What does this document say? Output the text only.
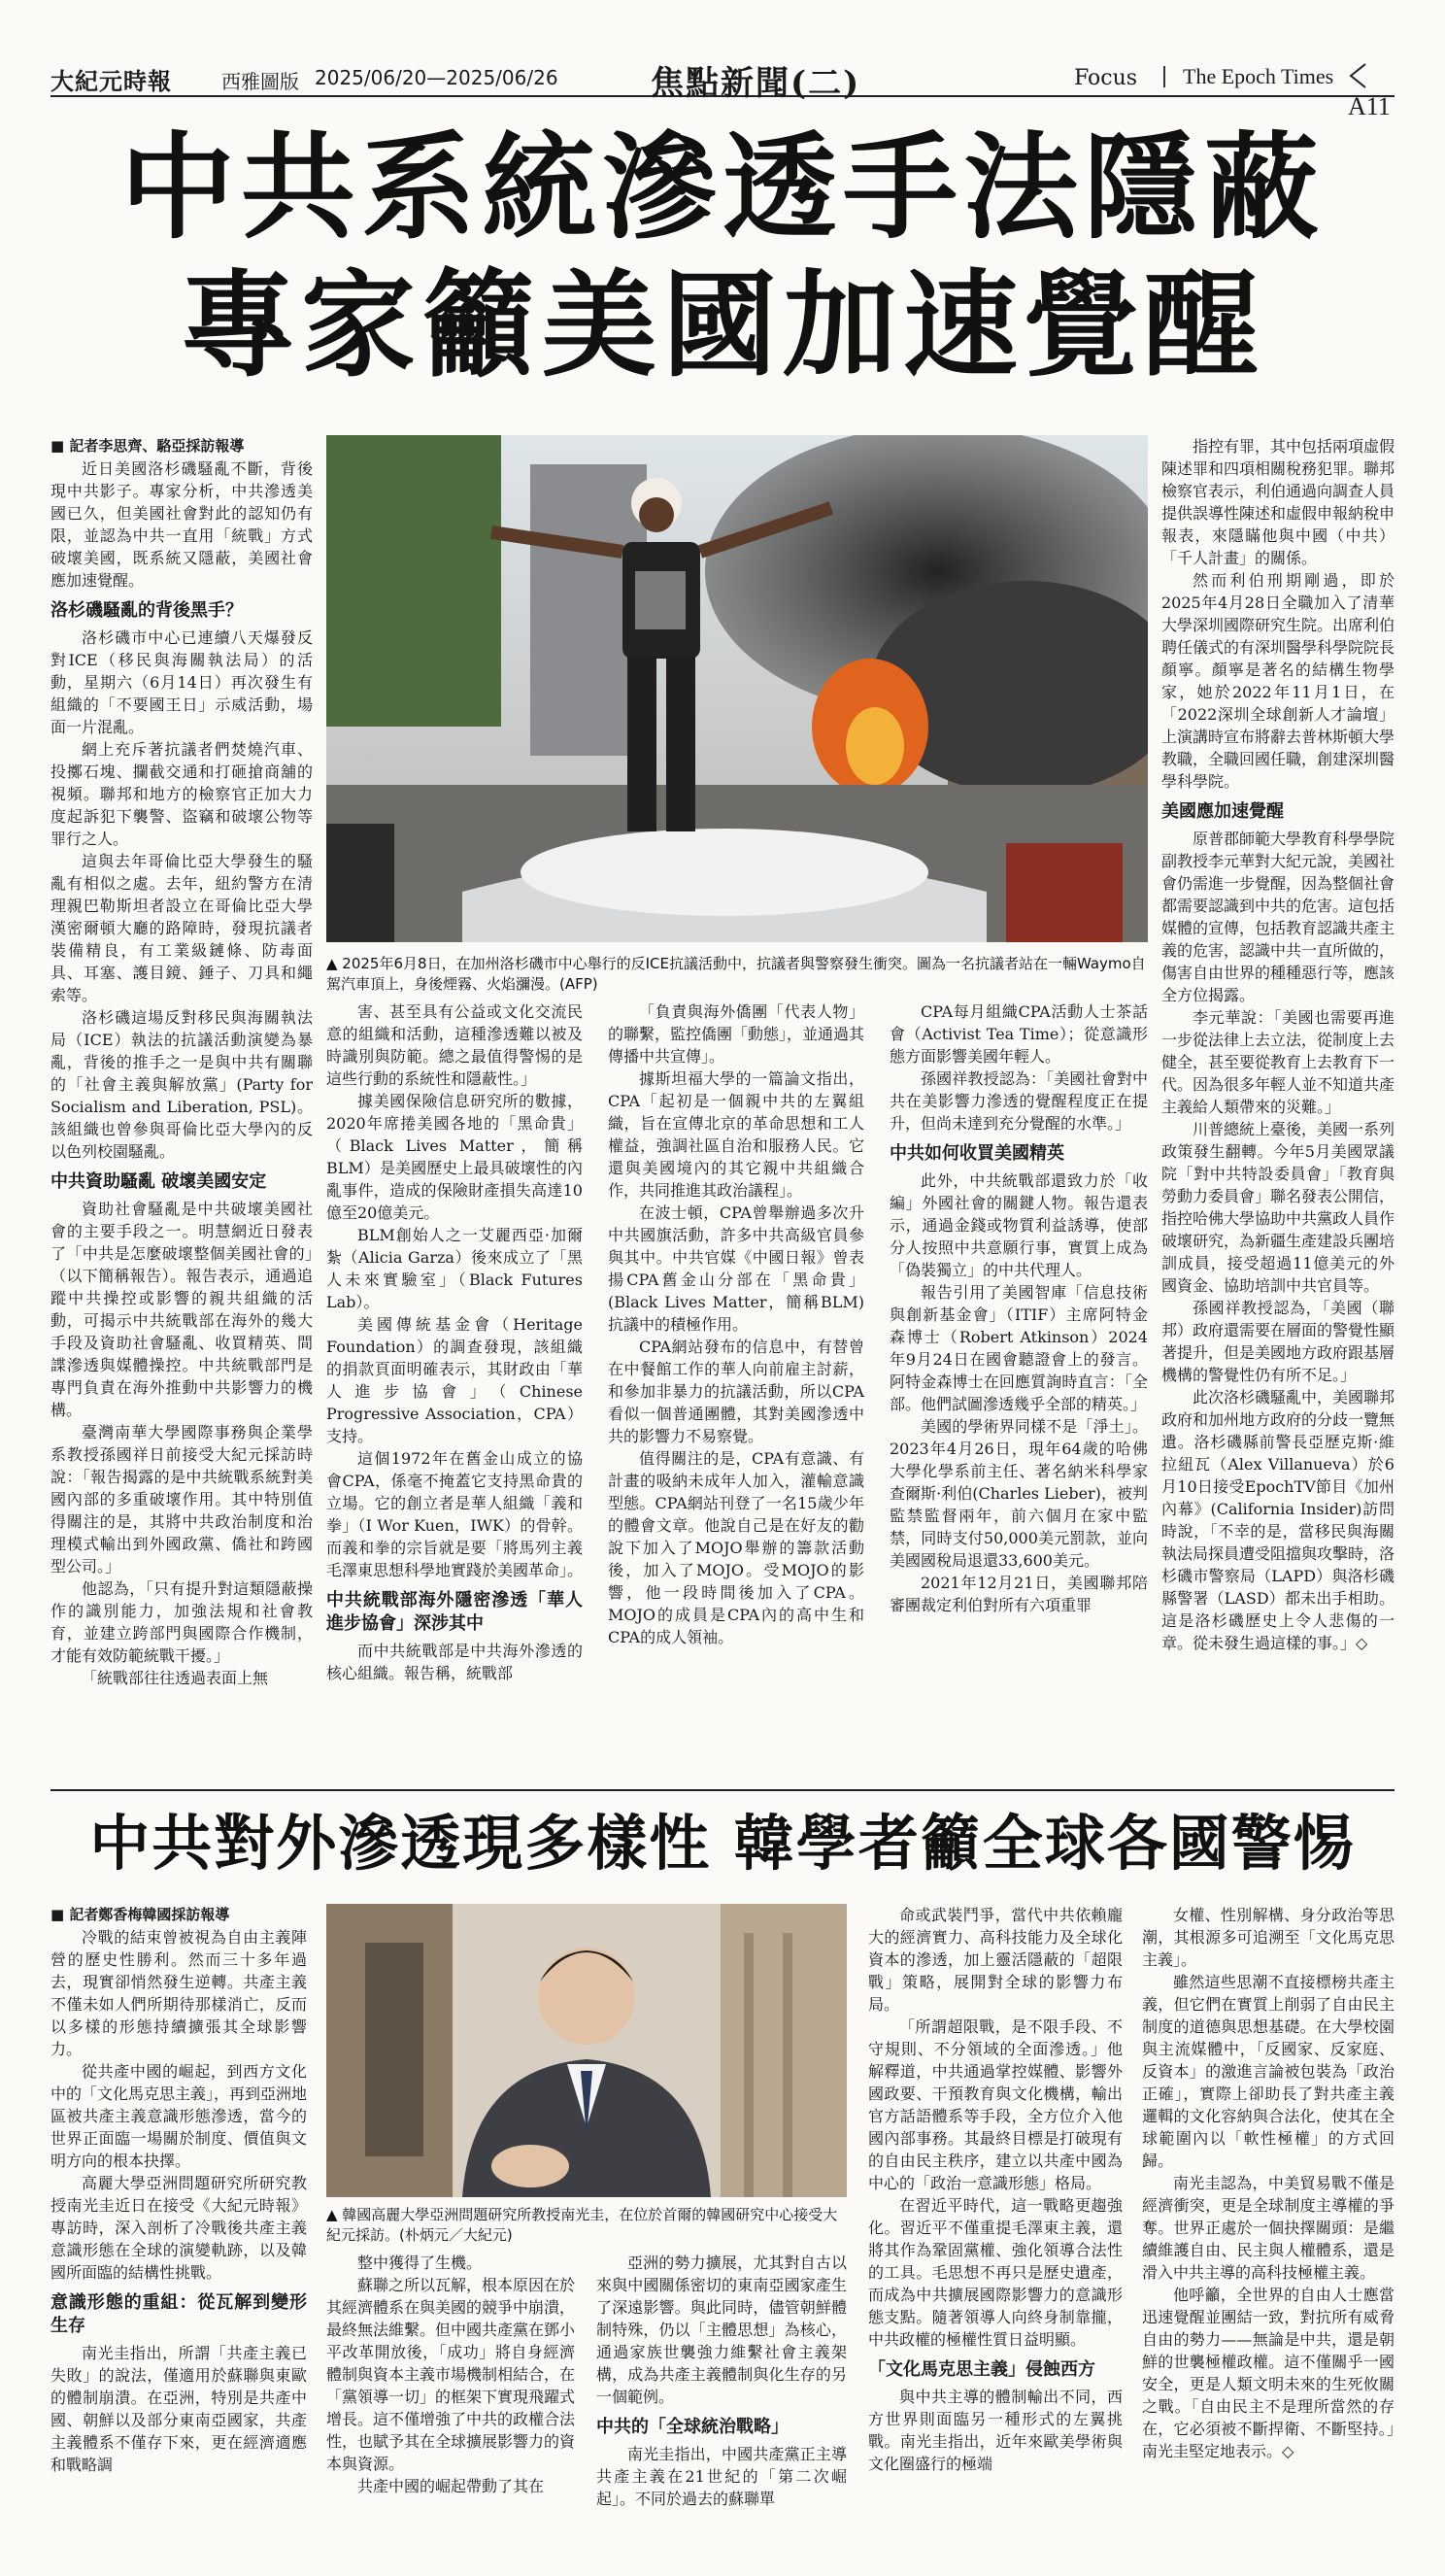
大紀元時報	西雅圖版 2025/06/20—2025/06/26	焦點新聞(二)	Focus The Epoch Times
A11
中共系統滲透手法隱蔽
專家籲美國加速覺醒
▲ 2025年6月8日，在加州洛杉磯市中心舉行的反ICE抗議活動中，抗議者與警察發生衝突。圖為一名抗議者站在一輛Waymo自駕汽車頂上，身後煙霧、火焰瀰漫。(AFP)

■ 記者李思齊、駱亞採訪報導

近日美國洛杉磯騷亂不斷，背後現中共影子。專家分析，中共滲透美國已久，但美國社會對此的認知仍有限，並認為中共一直用「統戰」方式破壞美國，既系統又隱蔽，美國社會應加速覺醒。

洛杉磯騷亂的背後黑手？

洛杉磯市中心已連續八天爆發反對ICE（移民與海關執法局）的活動，星期六（6月14日）再次發生有組織的「不要國王日」示威活動，場面一片混亂。

網上充斥著抗議者們焚燒汽車、投擲石塊、攔截交通和打砸搶商舖的視頻。聯邦和地方的檢察官正加大力度起訴犯下襲警、盜竊和破壞公物等罪行之人。

這與去年哥倫比亞大學發生的騷亂有相似之處。去年，紐約警方在清理親巴勒斯坦者設立在哥倫比亞大學漢密爾頓大廳的路障時，發現抗議者裝備精良，有工業級鏈條、防毒面具、耳塞、護目鏡、錘子、刀具和繩索等。

洛杉磯這場反對移民與海關執法局（ICE）執法的抗議活動演變為暴亂，背後的推手之一是與中共有關聯的「社會主義與解放黨」(Party for Socialism and Liberation, PSL)。該組織也曾參與哥倫比亞大學內的反以色列校園騷亂。

中共資助騷亂 破壞美國安定

資助社會騷亂是中共破壞美國社會的主要手段之一。明慧網近日發表了「中共是怎麼破壞整個美國社會的」（以下簡稱報告）。報告表示，通過追蹤中共操控或影響的親共組織的活動，可揭示中共統戰部在海外的幾大手段及資助社會騷亂、收買精英、間諜滲透與媒體操控。中共統戰部門是專門負責在海外推動中共影響力的機構。

臺灣南華大學國際事務與企業學系教授孫國祥日前接受大紀元採訪時說：「報告揭露的是中共統戰系統對美國內部的多重破壞作用。其中特別值得關注的是，其將中共政治制度和治理模式輸出到外國政黨、僑社和跨國型公司。」

他認為，「只有提升對這類隱蔽操作的識別能力，加強法規和社會教育，並建立跨部門與國際合作機制，才能有效防範統戰干擾。」

「統戰部往往透過表面上無

害、甚至具有公益或文化交流民意的組織和活動，這種滲透難以被及時識別與防範。總之最值得警惕的是這些行動的系統性和隱蔽性。」

據美國保險信息研究所的數據，2020年席捲美國各地的「黑命貴」（Black Lives Matter，簡稱BLM）是美國歷史上最具破壞性的內亂事件，造成的保險財產損失高達10億至20億美元。

BLM創始人之一艾麗西亞·加爾紮（Alicia Garza）後來成立了「黑人未來實驗室」（Black Futures Lab）。

美國傳統基金會（Heritage Foundation）的調查發現，該組織的捐款頁面明確表示，其財政由「華人進步協會」（Chinese Progressive Association，CPA）支持。

這個1972年在舊金山成立的協會CPA，係毫不掩蓋它支持黑命貴的立場。它的創立者是華人組織「義和拳」（I Wor Kuen，IWK）的骨幹。而義和拳的宗旨就是要「將馬列主義毛澤東思想科學地實踐於美國革命」。

中共統戰部海外隱密滲透「華人進步協會」深涉其中

而中共統戰部是中共海外滲透的核心組織。報告稱，統戰部

「負責與海外僑團「代表人物」的聯繫，監控僑團「動態」，並通過其傳播中共宣傳」。

據斯坦福大學的一篇論文指出，CPA「起初是一個親中共的左翼組織，旨在宣傳北京的革命思想和工人權益，強調社區自治和服務人民。它還與美國境內的其它親中共組織合作，共同推進其政治議程」。

在波士頓，CPA曾舉辦過多次升中共國旗活動，許多中共高級官員參與其中。中共官媒《中國日報》曾表揚CPA舊金山分部在「黑命貴」(Black Lives Matter，簡稱BLM)抗議中的積極作用。

CPA網站發布的信息中，有替曾在中餐館工作的華人向前雇主討薪，和參加非暴力的抗議活動，所以CPA看似一個普通團體，其對美國滲透中共的影響力不易察覺。

值得關注的是，CPA有意識、有計畫的吸納未成年人加入，灌輸意識型態。CPA網站刊登了一名15歲少年的體會文章。他說自己是在好友的勸說下加入了MOJO舉辦的籌款活動後，加入了MOJO。受MOJO的影響，他一段時間後加入了CPA。MOJO的成員是CPA內的高中生和CPA的成人領袖。

CPA每月組織CPA活動人士茶話會（Activist Tea Time）；從意識形態方面影響美國年輕人。

孫國祥教授認為：「美國社會對中共在美影響力滲透的覺醒程度正在提升，但尚未達到充分覺醒的水準。」

中共如何收買美國精英

此外，中共統戰部還致力於「收編」外國社會的關鍵人物。報告還表示，通過金錢或物質利益誘導，使部分人按照中共意願行事，實質上成為「偽裝獨立」的中共代理人。

報告引用了美國智庫「信息技術與創新基金會」（ITIF）主席阿特金森博士（Robert Atkinson）2024年9月24日在國會聽證會上的發言。阿特金森博士在回應質詢時直言：「全部。他們試圖滲透幾乎全部的精英。」

美國的學術界同樣不是「淨土」。2023年4月26日，現年64歲的哈佛大學化學系前主任、著名納米科學家查爾斯·利伯(Charles Lieber)，被判監禁監督兩年，前六個月在家中監禁，同時支付50,000美元罰款，並向美國國稅局退還33,600美元。

2021年12月21日，美國聯邦陪審團裁定利伯對所有六項重罪

指控有罪，其中包括兩項虛假陳述罪和四項相關稅務犯罪。聯邦檢察官表示，利伯通過向調查人員提供誤導性陳述和虛假申報納稅申報表，來隱瞞他與中國（中共）「千人計畫」的關係。

然而利伯刑期剛過，即於2025年4月28日全職加入了清華大學深圳國際研究生院。出席利伯聘任儀式的有深圳醫學科學院院長顏寧。顏寧是著名的結構生物學家，她於2022年11月1日，在「2022深圳全球創新人才論壇」上演講時宣布將辭去普林斯頓大學教職，全職回國任職，創建深圳醫學科學院。

美國應加速覺醒

原普郡師範大學教育科學學院副教授李元華對大紀元說，美國社會仍需進一步覺醒，因為整個社會都需要認識到中共的危害。這包括媒體的宣傳，包括教育認識共產主義的危害，認識中共一直所做的，傷害自由世界的種種惡行等，應該全方位揭露。

李元華說：「美國也需要再進一步從法律上去立法，從制度上去健全，甚至要從教育上去教育下一代。因為很多年輕人並不知道共產主義給人類帶來的災難。」

川普總統上臺後，美國一系列政策發生翻轉。今年5月美國眾議院「對中共特設委員會」「教育與勞動力委員會」聯名發表公開信，指控哈佛大學協助中共黨政人員作破壞研究，為新疆生產建設兵團培訓成員，接受超過11億美元的外國資金、協助培訓中共官員等。

孫國祥教授認為，「美國（聯邦）政府還需要在層面的警覺性顯著提升，但是美國地方政府跟基層機構的警覺性仍有所不足。」

此次洛杉磯騷亂中，美國聯邦政府和加州地方政府的分歧一覽無遺。洛杉磯縣前警長亞歷克斯·維拉紐瓦（Alex Villanueva）於6月10日接受EpochTV節目《加州內幕》(California Insider)訪問時說，「不幸的是，當移民與海關執法局探員遭受阻擋與攻擊時，洛杉磯市警察局（LAPD）與洛杉磯縣警署（LASD）都未出手相助。這是洛杉磯歷史上令人悲傷的一章。從未發生過這樣的事。」◇

中共對外滲透現多樣性 韓學者籲全球各國警惕
▲ 韓國高麗大學亞洲問題研究所教授南光圭，在位於首爾的韓國研究中心接受大紀元採訪。(朴炳元／大紀元)

■ 記者鄭香梅韓國採訪報導

冷戰的結束曾被視為自由主義陣營的歷史性勝利。然而三十多年過去，現實卻悄然發生逆轉。共產主義不僅未如人們所期待那樣消亡，反而以多樣的形態持續擴張其全球影響力。

從共產中國的崛起，到西方文化中的「文化馬克思主義」，再到亞洲地區被共產主義意識形態滲透，當今的世界正面臨一場關於制度、價值與文明方向的根本抉擇。

高麗大學亞洲問題研究所研究教授南光圭近日在接受《大紀元時報》專訪時，深入剖析了冷戰後共產主義意識形態在全球的演變軌跡，以及韓國所面臨的結構性挑戰。

意識形態的重組：從瓦解到變形生存

南光圭指出，所謂「共產主義已失敗」的說法，僅適用於蘇聯與東歐的體制崩潰。在亞洲，特別是共產中國、朝鮮以及部分東南亞國家，共產主義體系不僅存下來，更在經濟適應和戰略調

整中獲得了生機。

蘇聯之所以瓦解，根本原因在於其經濟體系在與美國的競爭中崩潰，最終無法維繫。但中國共產黨在鄧小平改革開放後，「成功」將自身經濟體制與資本主義市場機制相結合，在「黨領導一切」的框架下實現飛躍式增長。這不僅增強了中共的政權合法性，也賦予其在全球擴展影響力的資本與資源。

共產中國的崛起帶動了其在

亞洲的勢力擴展，尤其對自古以來與中國關係密切的東南亞國家產生了深遠影響。與此同時，儘管朝鮮體制特殊，仍以「主體思想」為核心，通過家族世襲強力維繫社會主義架構，成為共產主義體制與化生存的另一個範例。

中共的「全球統治戰略」

南光圭指出，中國共產黨正主導共產主義在21世紀的「第二次崛起」。不同於過去的蘇聯單

命或武裝鬥爭，當代中共依賴龐大的經濟實力、高科技能力及全球化資本的滲透，加上靈活隱蔽的「超限戰」策略，展開對全球的影響力布局。

「所謂超限戰，是不限手段、不守規則、不分領域的全面滲透。」他解釋道，中共通過掌控媒體、影響外國政要、干預教育與文化機構，輸出官方話語體系等手段，全方位介入他國內部事務。其最終目標是打破現有的自由民主秩序，建立以共產中國為中心的「政治一意識形態」格局。

在習近平時代，這一戰略更趨強化。習近平不僅重提毛澤東主義，還將其作為鞏固黨權、強化領導合法性的工具。毛思想不再只是歷史遺產，而成為中共擴展國際影響力的意識形態支點。隨著領導人向終身制靠攏，中共政權的極權性質日益明顯。

「文化馬克思主義」侵蝕西方

與中共主導的體制輸出不同，西方世界則面臨另一種形式的左翼挑戰。南光圭指出，近年來歐美學術與文化圈盛行的極端

女權、性別解構、身分政治等思潮，其根源多可追溯至「文化馬克思主義」。

雖然這些思潮不直接標榜共產主義，但它們在實質上削弱了自由民主制度的道德與思想基礎。在大學校園與主流媒體中，「反國家、反家庭、反資本」的激進言論被包裝為「政治正確」，實際上卻助長了對共產主義邏輯的文化容納與合法化，使其在全球範圍內以「軟性極權」的方式回歸。

南光圭認為，中美貿易戰不僅是經濟衝突，更是全球制度主導權的爭奪。世界正處於一個抉擇關頭：是繼續維護自由、民主與人權體系，還是滑入中共主導的高科技極權主義。

他呼籲，全世界的自由人士應當迅速覺醒並團結一致，對抗所有威脅自由的勢力——無論是中共，還是朝鮮的世襲極權政權。這不僅關乎一國安全，更是人類文明未來的生死攸關之戰。「自由民主不是理所當然的存在，它必須被不斷捍衛、不斷堅持。」南光圭堅定地表示。◇
